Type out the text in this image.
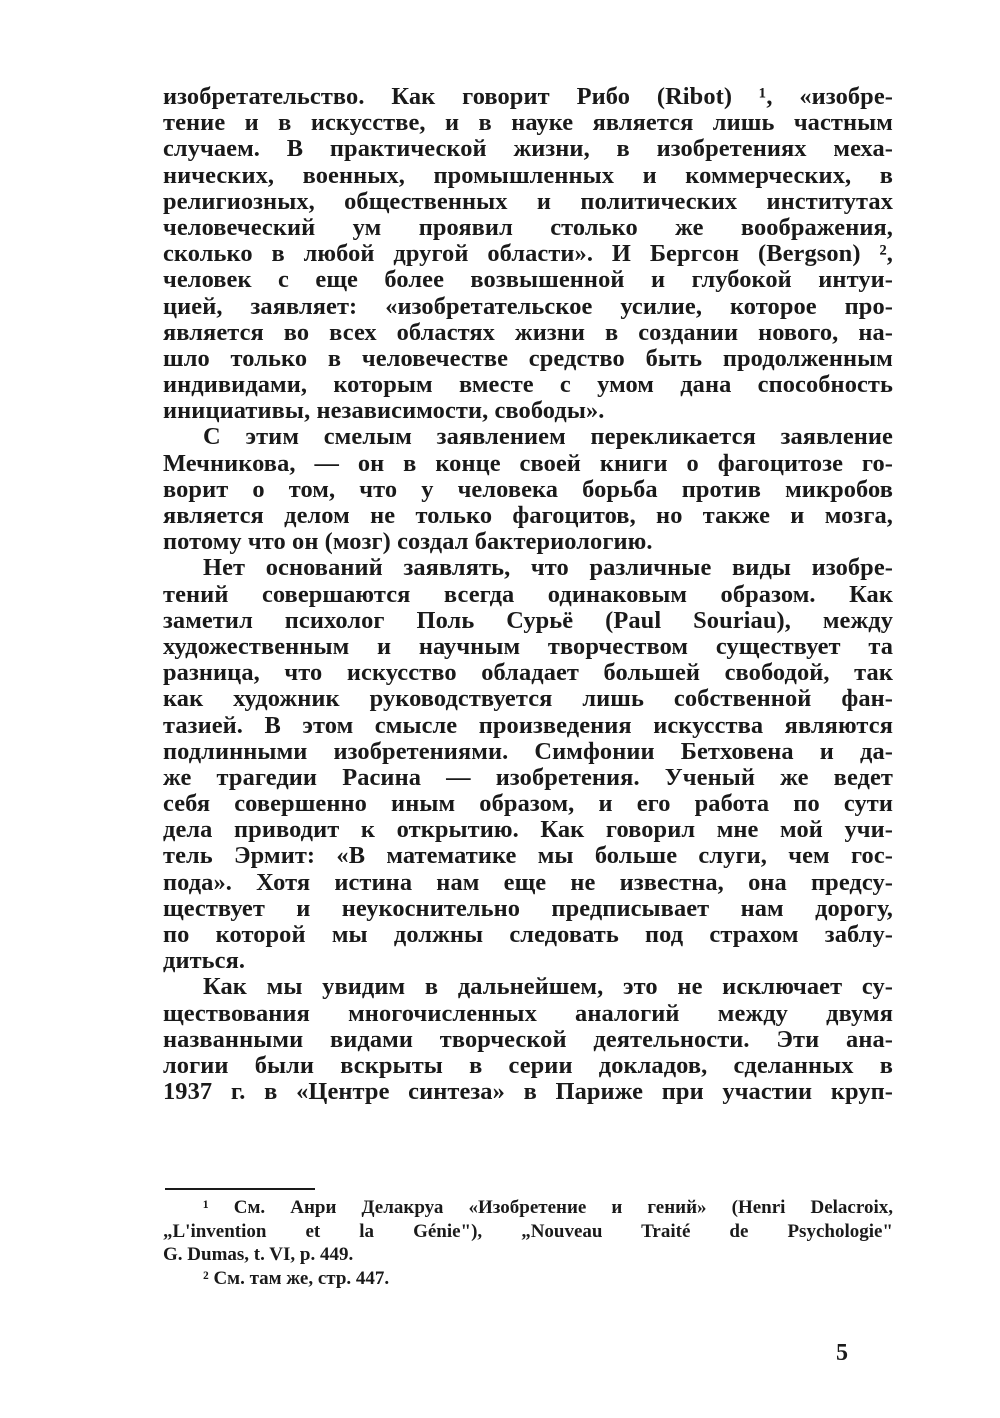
изобретательство. Как говорит Рибо (Ribot) ¹, «изобре-
тение и в искусстве, и в науке является лишь частным
случаем. В практической жизни, в изобретениях меха-
нических, военных, промышленных и коммерческих, в
религиозных, общественных и политических институтах
человеческий ум проявил столько же воображения,
сколько в любой другой области». И Бергсон (Bergson) ²,
человек с еще более возвышенной и глубокой интуи-
цией, заявляет: «изобретательское усилие, которое про-
является во всех областях жизни в создании нового, на-
шло только в человечестве средство быть продолженным
индивидами, которым вместе с умом дана способность
инициативы, независимости, свободы».
С этим смелым заявлением перекликается заявление
Мечникова, — он в конце своей книги о фагоцитозе го-
ворит о том, что у человека борьба против микробов
является делом не только фагоцитов, но также и мозга,
потому что он (мозг) создал бактериологию.
Нет оснований заявлять, что различные виды изобре-
тений совершаются всегда одинаковым образом. Как
заметил психолог Поль Сурьё (Paul Souriau), между
художественным и научным творчеством существует та
разница, что искусство обладает большей свободой, так
как художник руководствуется лишь собственной фан-
тазией. В этом смысле произведения искусства являются
подлинными изобретениями. Симфонии Бетховена и да-
же трагедии Расина — изобретения. Ученый же ведет
себя совершенно иным образом, и его работа по сути
дела приводит к открытию. Как говорил мне мой учи-
тель Эрмит: «В математике мы больше слуги, чем гос-
пода». Хотя истина нам еще не известна, она предсу-
ществует и неукоснительно предписывает нам дорогу,
по которой мы должны следовать под страхом заблу-
диться.
Как мы увидим в дальнейшем, это не исключает су-
ществования многочисленных аналогий между двумя
названными видами творческой деятельности. Эти ана-
логии были вскрыты в серии докладов, сделанных в
1937 г. в «Центре синтеза» в Париже при участии круп-
¹ См. Анри Делакруа «Изобретение и гений» (Henri Delacroix,
„L'invention et la Génie"), „Nouveau Traité de Psychologie"
G. Dumas, t. VI, p. 449.
² См. там же, стр. 447.
5
